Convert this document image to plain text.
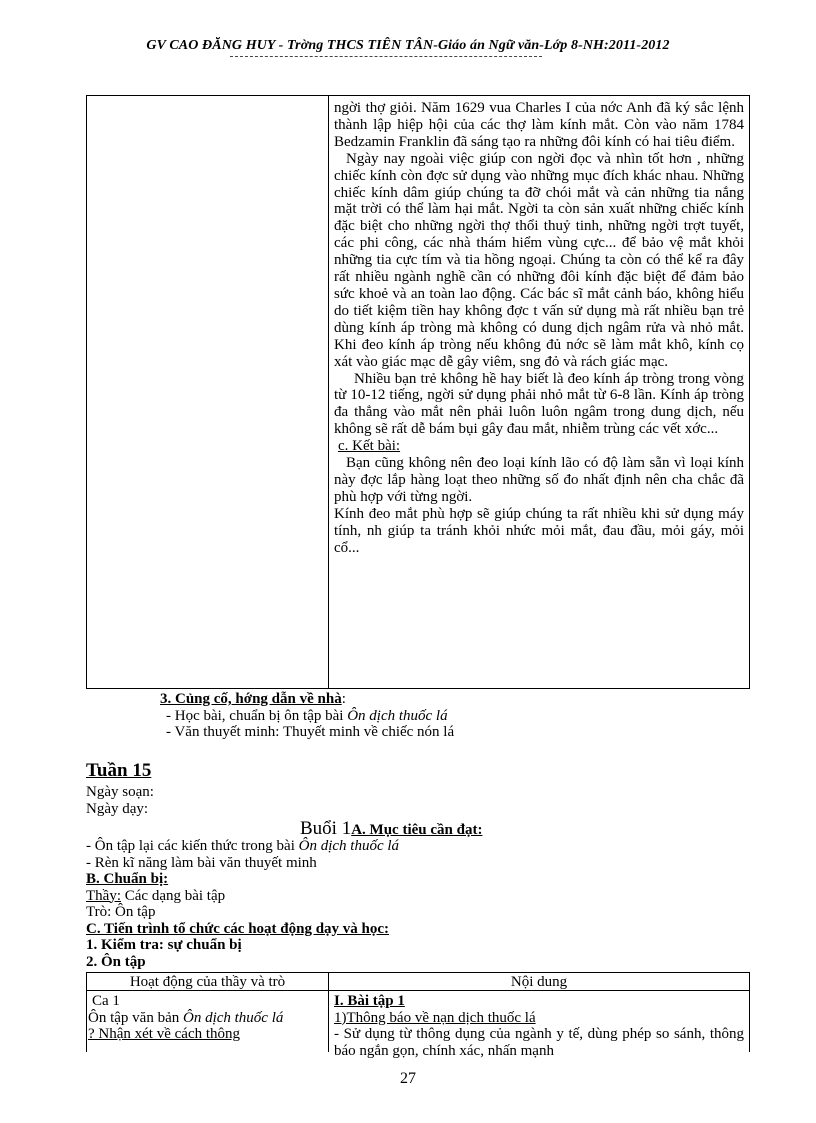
GV CAO ĐĂNG HUY - Trờng THCS TIÊN TÂN-Giáo án Ngữ văn-Lớp 8-NH:2011-2012

ngời thợ giỏi. Năm 1629 vua Charles I của nớc Anh đã ký sắc lệnh thành lập hiệp hội của các thợ làm kính mắt. Còn vào năm 1784 Bedzamin Franklin đã sáng tạo ra những đôi kính có hai tiêu điểm.

Ngày nay ngoài việc giúp con ngời đọc và nhìn tốt hơn , những chiếc kính còn đợc sử dụng vào những mục đích khác nhau. Những chiếc kính dâm giúp chúng ta đỡ chói mắt và cản những tia nắng mặt trời có thể làm hại mắt. Ngời ta còn sản xuất những chiếc kính đặc biệt cho những ngời thợ thổi thuỷ tinh, những ngời trợt tuyết, các phi công, các nhà thám hiểm vùng cực... để bảo vệ mắt khỏi những tia cực tím và tia hồng ngoại. Chúng ta còn có thể kể ra đây rất nhiều ngành nghề cần có những đôi kính đặc biệt để đảm bảo sức khoẻ và an toàn lao động. Các bác sĩ mắt cảnh báo, không hiểu do tiết kiệm tiền hay không đợc t vấn sử dụng mà rất nhiều bạn trẻ dùng kính áp tròng mà không có dung dịch ngâm rửa và nhỏ mắt. Khi đeo kính áp tròng nếu không đủ nớc sẽ làm mắt khô, kính cọ xát vào giác mạc dễ gây viêm, sng đỏ và rách giác mạc.

Nhiều bạn trẻ không hề hay biết là đeo kính áp tròng trong vòng từ 10-12 tiếng, ngời sử dụng phải nhỏ mắt từ 6-8 lần. Kính áp tròng đa thẳng vào mắt nên phải luôn luôn ngâm trong dung dịch, nếu không sẽ rất dễ bám bụi gây đau mắt, nhiễm trùng các vết xớc...

c. Kết bài:

Bạn cũng không nên đeo loại kính lão có độ làm sẵn vì loại kính này đợc lắp hàng loạt theo những số đo nhất định nên cha chắc đã phù hợp với từng ngời.

Kính đeo mắt phù hợp sẽ giúp chúng ta rất nhiều khi sử dụng máy tính, nh giúp ta tránh khỏi nhức mỏi mắt, đau đầu, mỏi gáy, mỏi cổ...

3. Củng cố, hớng dẫn về nhà:

- Học bài, chuẩn bị ôn tập bài Ôn dịch thuốc lá

- Văn thuyết minh: Thuyết minh về chiếc nón lá

Tuần 15

Ngày soạn:

Ngày dạy:

Buổi 1A. Mục tiêu cần đạt:

- Ôn tập lại các kiến thức trong bài Ôn dịch thuốc lá

- Rèn kĩ năng làm bài văn thuyết minh

B. Chuẩn bị:

Thầy: Các dạng bài tập

Trò: Ôn tập

C. Tiến trình tổ chức các hoạt động dạy và học:

1. Kiểm tra: sự chuẩn bị

2. Ôn tập

Hoạt động của thầy và trò	Nội dung

Ca 1

Ôn tập văn bản Ôn dịch thuốc lá

? Nhận xét về cách thông

I. Bài tập 1

1)Thông báo về nạn dịch thuốc lá

- Sử dụng từ thông dụng của ngành y tế, dùng phép so sánh, thông báo ngắn gọn, chính xác, nhấn mạnh

27
